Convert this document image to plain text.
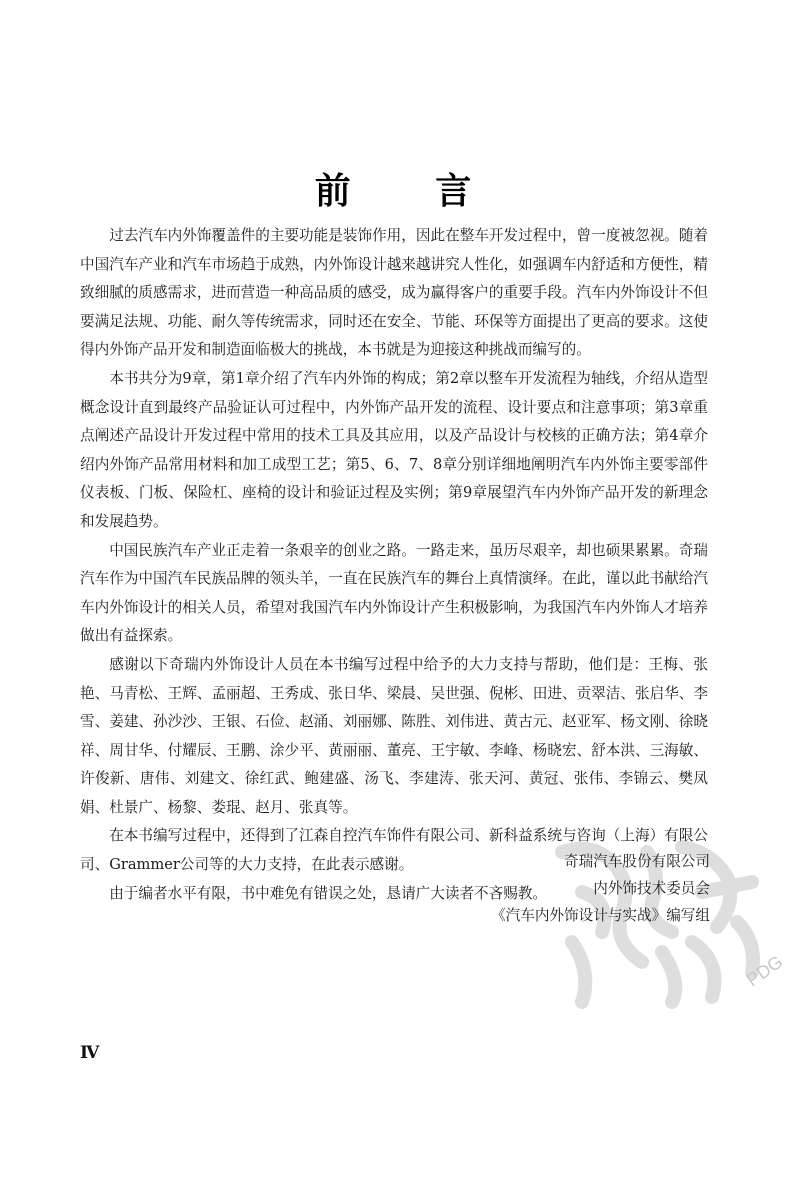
前 言

过去汽车内外饰覆盖件的主要功能是装饰作用，因此在整车开发过程中，曾一度被忽视。随着中国汽车产业和汽车市场趋于成熟，内外饰设计越来越讲究人性化，如强调车内舒适和方便性，精致细腻的质感需求，进而营造一种高品质的感受，成为赢得客户的重要手段。汽车内外饰设计不但要满足法规、功能、耐久等传统需求，同时还在安全、节能、环保等方面提出了更高的要求。这使得内外饰产品开发和制造面临极大的挑战，本书就是为迎接这种挑战而编写的。

本书共分为9章，第1章介绍了汽车内外饰的构成；第2章以整车开发流程为轴线，介绍从造型概念设计直到最终产品验证认可过程中，内外饰产品开发的流程、设计要点和注意事项；第3章重点阐述产品设计开发过程中常用的技术工具及其应用，以及产品设计与校核的正确方法；第4章介绍内外饰产品常用材料和加工成型工艺；第5、6、7、8章分别详细地阐明汽车内外饰主要零部件仪表板、门板、保险杠、座椅的设计和验证过程及实例；第9章展望汽车内外饰产品开发的新理念和发展趋势。

中国民族汽车产业正走着一条艰辛的创业之路。一路走来，虽历尽艰辛，却也硕果累累。奇瑞汽车作为中国汽车民族品牌的领头羊，一直在民族汽车的舞台上真情演绎。在此，谨以此书献给汽车内外饰设计的相关人员，希望对我国汽车内外饰设计产生积极影响，为我国汽车内外饰人才培养做出有益探索。

感谢以下奇瑞内外饰设计人员在本书编写过程中给予的大力支持与帮助，他们是：王梅、张艳、马青松、王辉、孟丽超、王秀成、张日华、梁晨、吴世强、倪彬、田进、贡翠洁、张启华、李雪、姜建、孙沙沙、王银、石俭、赵涌、刘丽娜、陈胜、刘伟进、黄古元、赵亚军、杨文刚、徐晓祥、周甘华、付耀辰、王鹏、涂少平、黄丽丽、董亮、王宇敏、李峰、杨晓宏、舒本洪、三海敏、许俊新、唐伟、刘建文、徐红武、鲍建盛、汤飞、李建涛、张天河、黄冠、张伟、李锦云、樊凤娟、杜景广、杨黎、娄琨、赵月、张真等。

在本书编写过程中，还得到了江森自控汽车饰件有限公司、新科益系统与咨询（上海）有限公司、Grammer公司等的大力支持，在此表示感谢。

由于编者水平有限，书中难免有错误之处，恳请广大读者不吝赐教。

PDG
奇瑞汽车股份有限公司
内外饰技术委员会
《汽车内外饰设计与实战》编写组
Ⅳ
